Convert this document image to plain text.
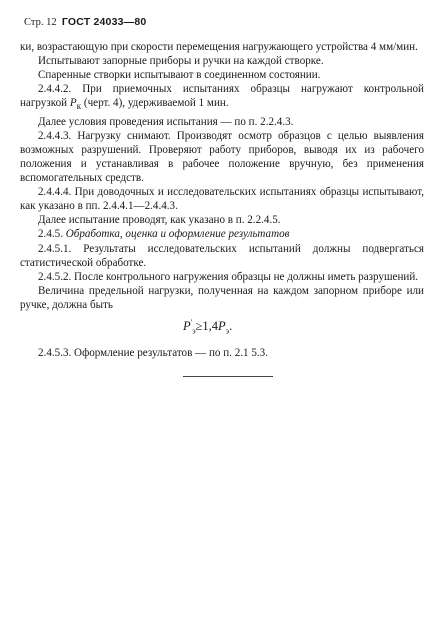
Стр. 12 ГОСТ 24033—80

ки, возрастающую при скорости перемещения нагружающего устройства 4 мм/мин.

Испытывают запорные приборы и ручки на каждой створке.

Спаренные створки испытывают в соединенном состоянии.

2.4.4.2. При приемочных испытаниях образцы нагружают контрольной нагрузкой $P_к$ (черт. 4), удерживаемой 1 мин.

Далее условия проведения испытания — по п. 2.2.4.3.

2.4.4.3. Нагрузку снимают. Производят осмотр образцов с целью выявления возможных разрушений. Проверяют работу приборов, выводя их из рабочего положения и устанавливая в рабочее положение вручную, без применения вспомогательных средств.

2.4.4.4. При доводочных и исследовательских испытаниях образцы испытывают, как указано в пп. 2.4.4.1—2.4.4.3.

Далее испытание проводят, как указано в п. 2.2.4.5.

2.4.5. Обработка, оценка и оформление результатов

2.4.5.1. Результаты исследовательских испытаний должны подвергаться статистической обработке.

2.4.5.2. После контрольного нагружения образцы не должны иметь разрушений.

Величина предельной нагрузки, полученная на каждом запорном приборе или ручке, должна быть

$P'_э\ge 1,4P_э$.

2.4.5.3. Оформление результатов — по п. 2.1 5.3.
